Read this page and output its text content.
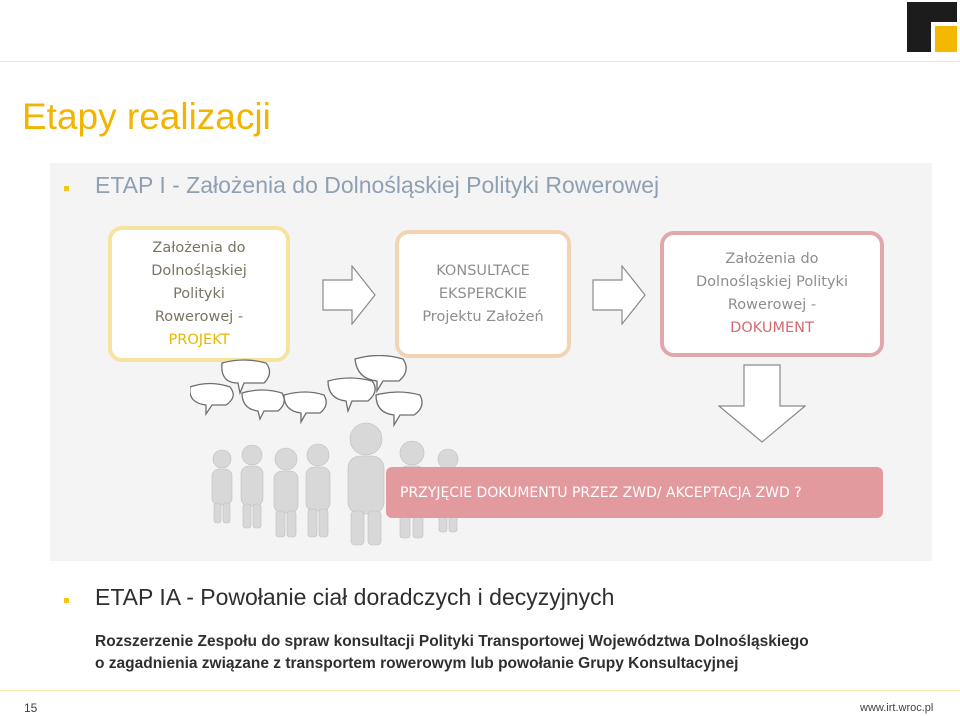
Etapy realizacji
ETAP I - Założenia do Dolnośląskiej Polityki Rowerowej
Założenia do
Dolnośląskiej
Polityki
Rowerowej -
PROJEKT
KONSULTACE
EKSPERCKIE
Projektu Założeń
Założenia do
Dolnośląskiej Polityki
Rowerowej -
DOKUMENT
PRZYJĘCIE DOKUMENTU PRZEZ ZWD/ AKCEPTACJA ZWD ?
ETAP IA - Powołanie ciał doradczych i decyzyjnych
Rozszerzenie Zespołu do spraw konsultacji Polityki Transportowej Województwa Dolnośląskiego
o zagadnienia związane z transportem rowerowym lub powołanie Grupy Konsultacyjnej
15	www.irt.wroc.pl
